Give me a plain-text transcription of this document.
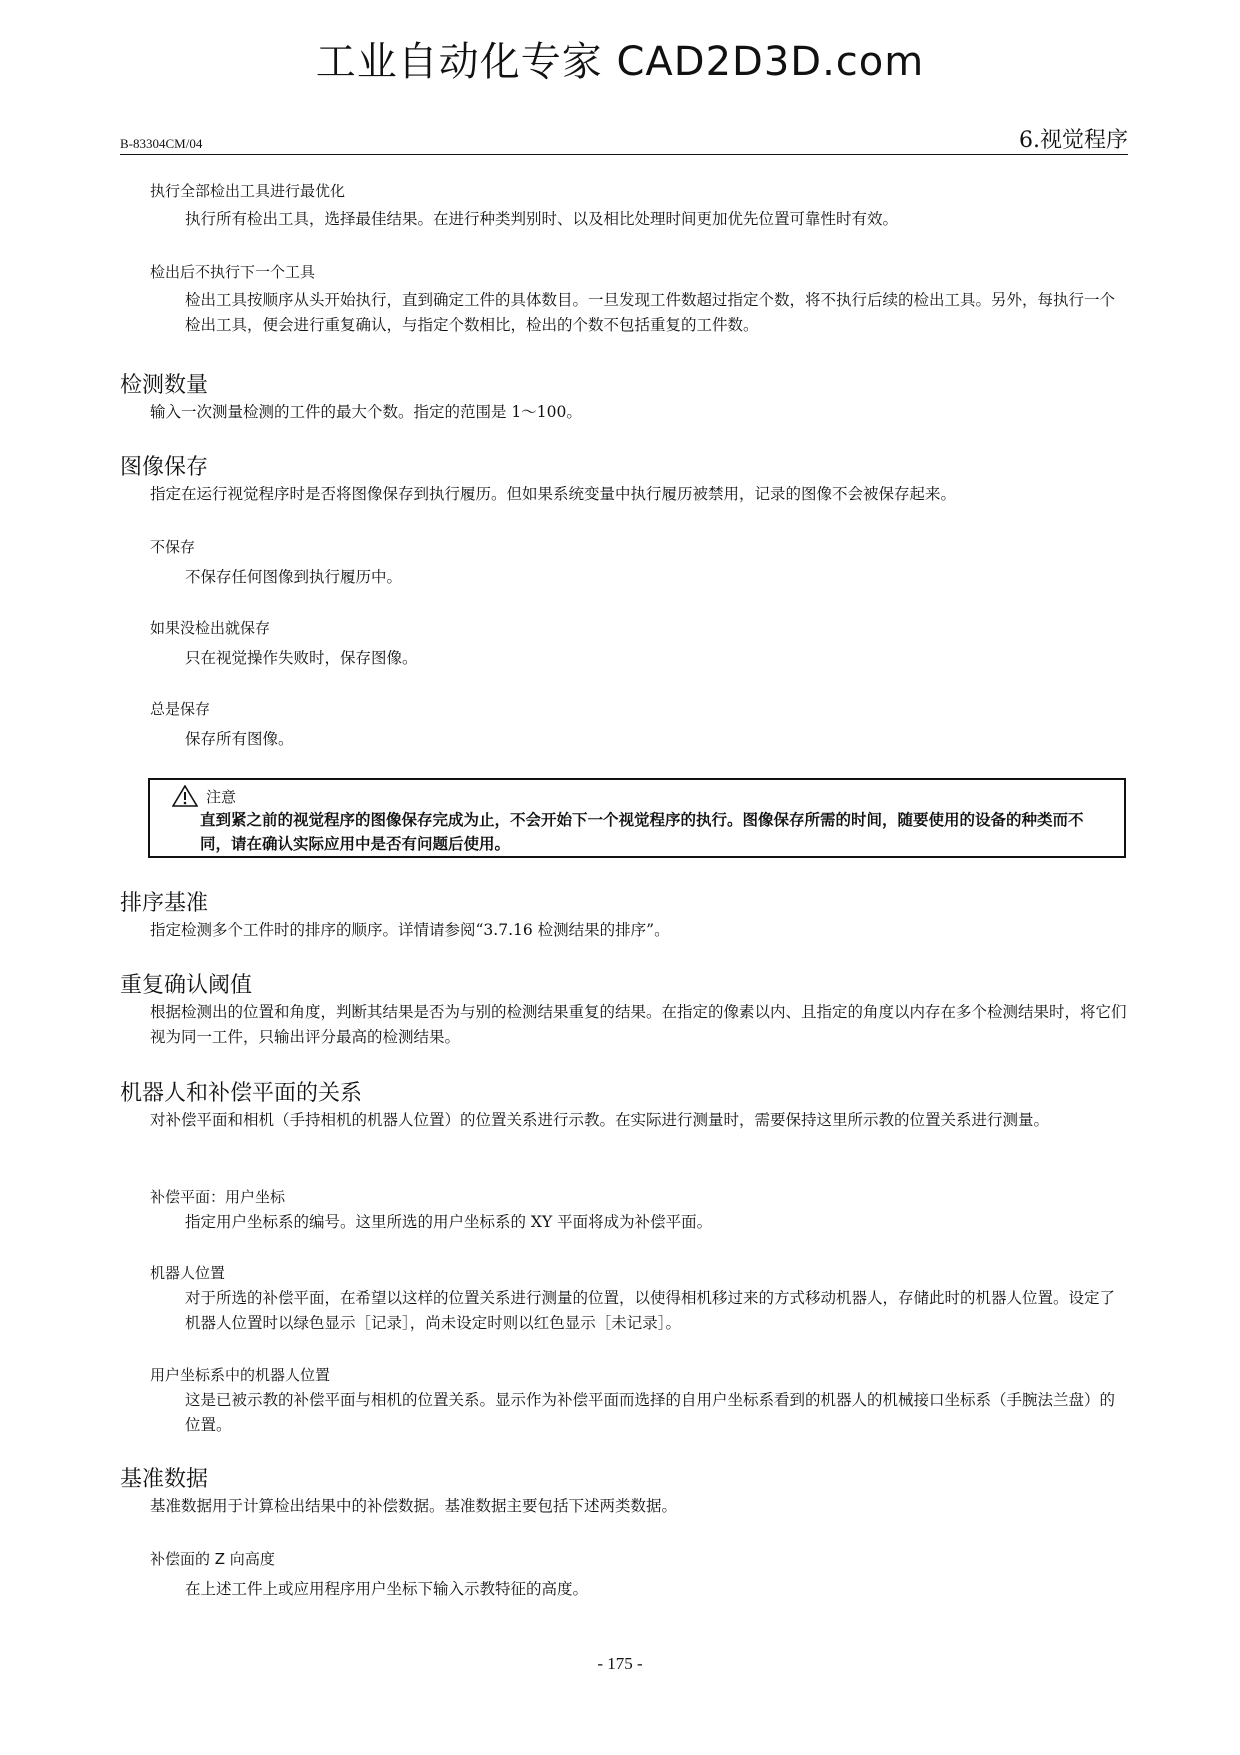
工业自动化专家 CAD2D3D.com
B-83304CM/04	6.视觉程序
执行全部检出工具进行最优化
执行所有检出工具，选择最佳结果。在进行种类判别时、以及相比处理时间更加优先位置可靠性时有效。
检出后不执行下一个工具
检出工具按顺序从头开始执行，直到确定工件的具体数目。一旦发现工件数超过指定个数，将不执行后续的检出工具。另外，每执行一个检出工具，便会进行重复确认，与指定个数相比，检出的个数不包括重复的工件数。
检测数量
输入一次测量检测的工件的最大个数。指定的范围是 1～100。
图像保存
指定在运行视觉程序时是否将图像保存到执行履历。但如果系统变量中执行履历被禁用，记录的图像不会被保存起来。
不保存
不保存任何图像到执行履历中。
如果没检出就保存
只在视觉操作失败时，保存图像。
总是保存
保存所有图像。
注意
直到紧之前的视觉程序的图像保存完成为止，不会开始下一个视觉程序的执行。图像保存所需的时间，随要使用的设备的种类而不同，请在确认实际应用中是否有问题后使用。
排序基准
指定检测多个工件时的排序的顺序。详情请参阅“3.7.16 检测结果的排序”。
重复确认阈值
根据检测出的位置和角度，判断其结果是否为与别的检测结果重复的结果。在指定的像素以内、且指定的角度以内存在多个检测结果时，将它们视为同一工件，只输出评分最高的检测结果。
机器人和补偿平面的关系
对补偿平面和相机（手持相机的机器人位置）的位置关系进行示教。在实际进行测量时，需要保持这里所示教的位置关系进行测量。
补偿平面：用户坐标
指定用户坐标系的编号。这里所选的用户坐标系的 XY 平面将成为补偿平面。
机器人位置
对于所选的补偿平面，在希望以这样的位置关系进行测量的位置，以使得相机移过来的方式移动机器人，存储此时的机器人位置。设定了机器人位置时以绿色显示［记录］，尚未设定时则以红色显示［未记录］。
用户坐标系中的机器人位置
这是已被示教的补偿平面与相机的位置关系。显示作为补偿平面而选择的自用户坐标系看到的机器人的机械接口坐标系（手腕法兰盘）的位置。
基准数据
基准数据用于计算检出结果中的补偿数据。基准数据主要包括下述两类数据。
补偿面的 Z 向高度
在上述工件上或应用程序用户坐标下输入示教特征的高度。
- 175 -
